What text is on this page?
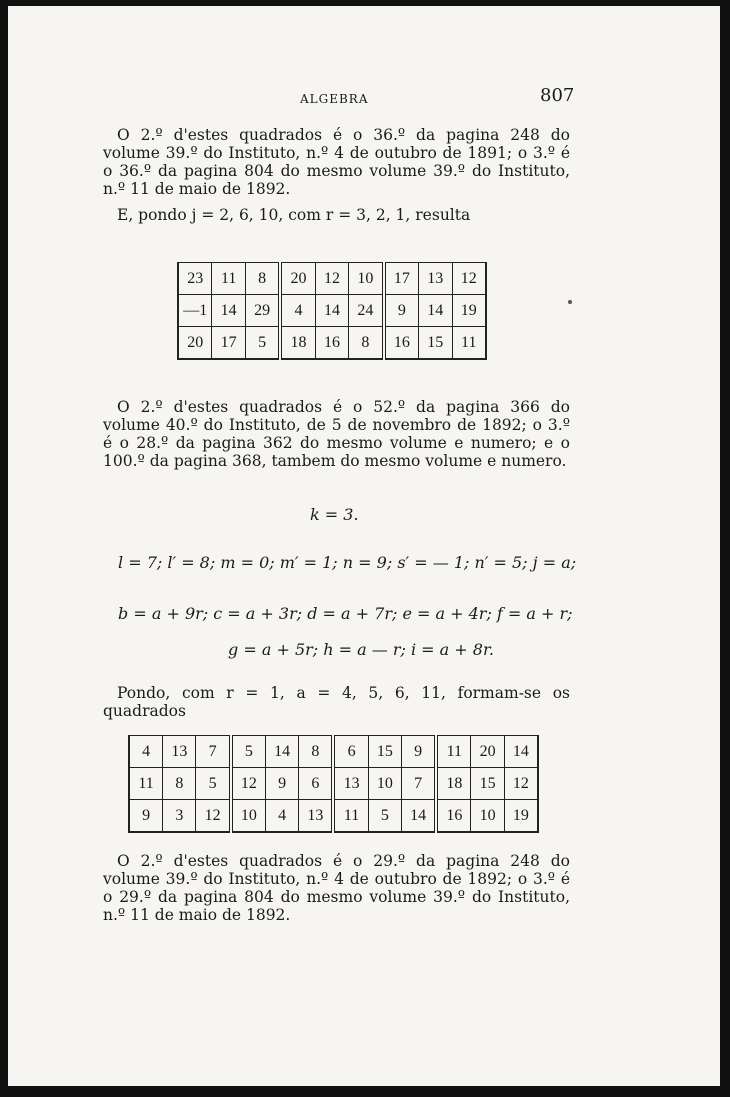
ALGEBRA	807
O 2.º d'estes quadrados é o 36.º da pagina 248 do volume 39.º do Instituto, n.º 4 de outubro de 1891; o 3.º é o 36.º da pagina 804 do mesmo volume 39.º do Instituto, n.º 11 de maio de 1892.
E, pondo j = 2, 6, 10, com r = 3, 2, 1, resulta
23	11	8	20	12	10	17	13	12
—1	14	29	4	14	24	9	14	19
20	17	5	18	16	8	16	15	11
O 2.º d'estes quadrados é o 52.º da pagina 366 do volume 40.º do Instituto, de 5 de novembro de 1892; o 3.º é o 28.º da pagina 362 do mesmo volume e numero; e o 100.º da pagina 368, tambem do mesmo volume e numero.
k = 3.
l = 7; l′ = 8; m = 0; m′ = 1; n = 9; s′ = — 1; n′ = 5; j = a;
b = a + 9r; c = a + 3r; d = a + 7r; e = a + 4r; f = a + r;
g = a + 5r; h = a — r; i = a + 8r.
Pondo, com r = 1, a = 4, 5, 6, 11, formam-se os quadrados
4	13	7	5	14	8	6	15	9	11	20	14
11	8	5	12	9	6	13	10	7	18	15	12
9	3	12	10	4	13	11	5	14	16	10	19
O 2.º d'estes quadrados é o 29.º da pagina 248 do volume 39.º do Instituto, n.º 4 de outubro de 1892; o 3.º é o 29.º da pagina 804 do mesmo volume 39.º do Instituto, n.º 11 de maio de 1892.
